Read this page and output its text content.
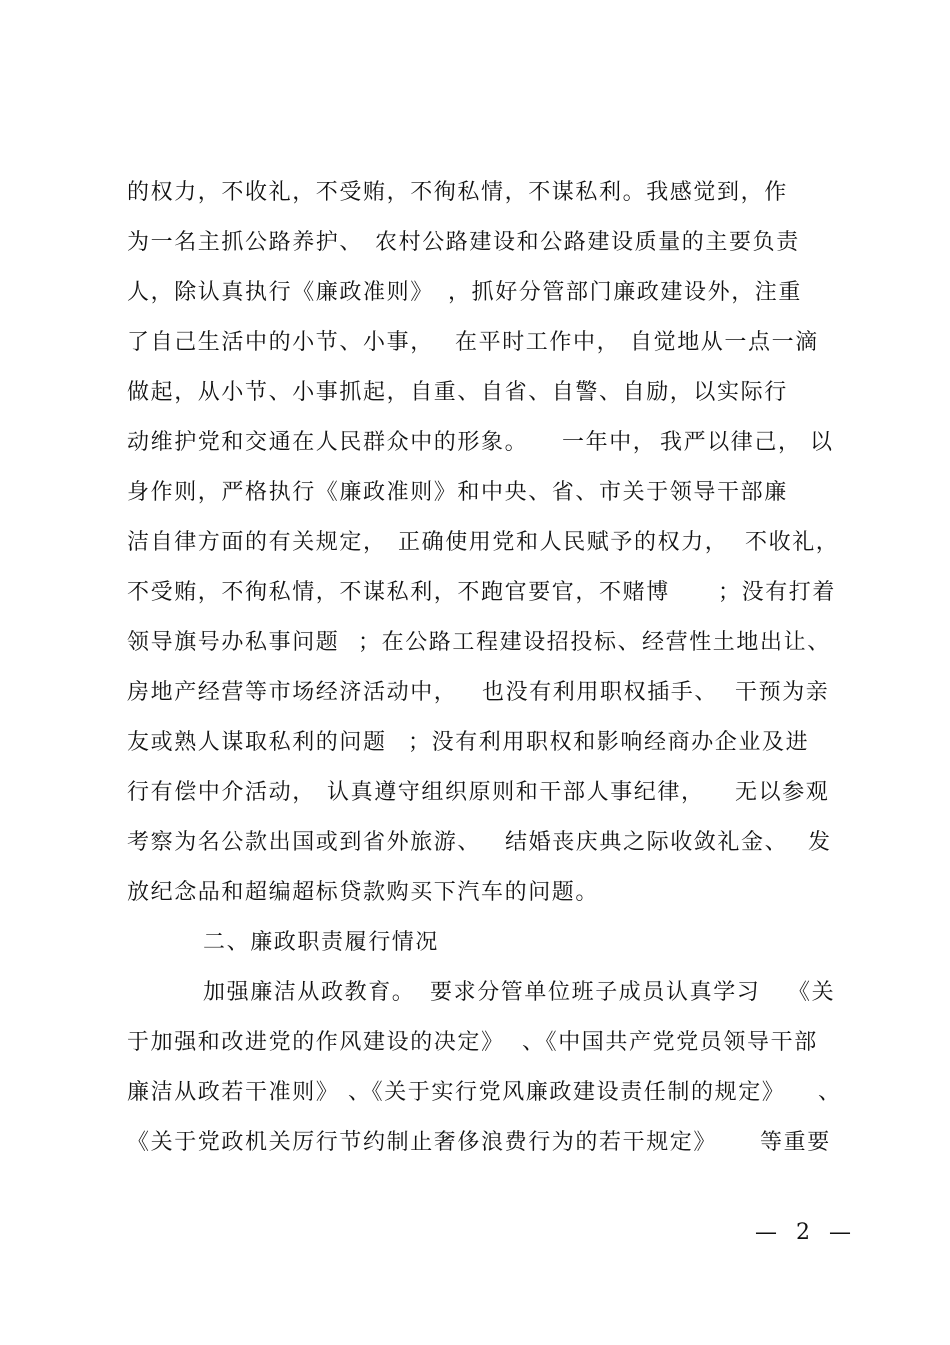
的权力，不收礼，不受贿，不徇私情，不谋私利。我感觉到，作
为一名主抓公路养护、 农村公路建设和公路建设质量的主要负责
人，除认真执行《廉政准则》 ，抓好分管部门廉政建设外，注重
了自己生活中的小节、小事， 在平时工作中， 自觉地从一点一滴
做起，从小节、小事抓起，自重、自省、自警、自励，以实际行
动维护党和交通在人民群众中的形象。 一年中， 我严以律己， 以
身作则，严格执行《廉政准则》和中央、省、市关于领导干部廉
洁自律方面的有关规定， 正确使用党和人民赋予的权力， 不收礼，
不受贿，不徇私情，不谋私利，不跑官要官，不赌博 ；没有打着
领导旗号办私事问题 ；在公路工程建设招投标、 经营性土地出让、
房地产经营等市场经济活动中， 也没有利用职权插手、 干预为亲
友或熟人谋取私利的问题 ；没有利用职权和影响经商办企业及进
行有偿中介活动， 认真遵守组织原则和干部人事纪律， 无以参观
考察为名公款出国或到省外旅游、 结婚丧庆典之际收敛礼金、 发
放纪念品和超编超标贷款购买下汽车的问题。
二、廉政职责履行情况
加强廉洁从政教育。 要求分管单位班子成员认真学习 《关
于加强和改进党的作风建设的决定》 、《中国共产党党员领导干部
廉洁从政若干准则》 、《关于实行党风廉政建设责任制的规定》 、
《关于党政机关厉行节约制止奢侈浪费行为的若干规定》 等重要
— 2 —
